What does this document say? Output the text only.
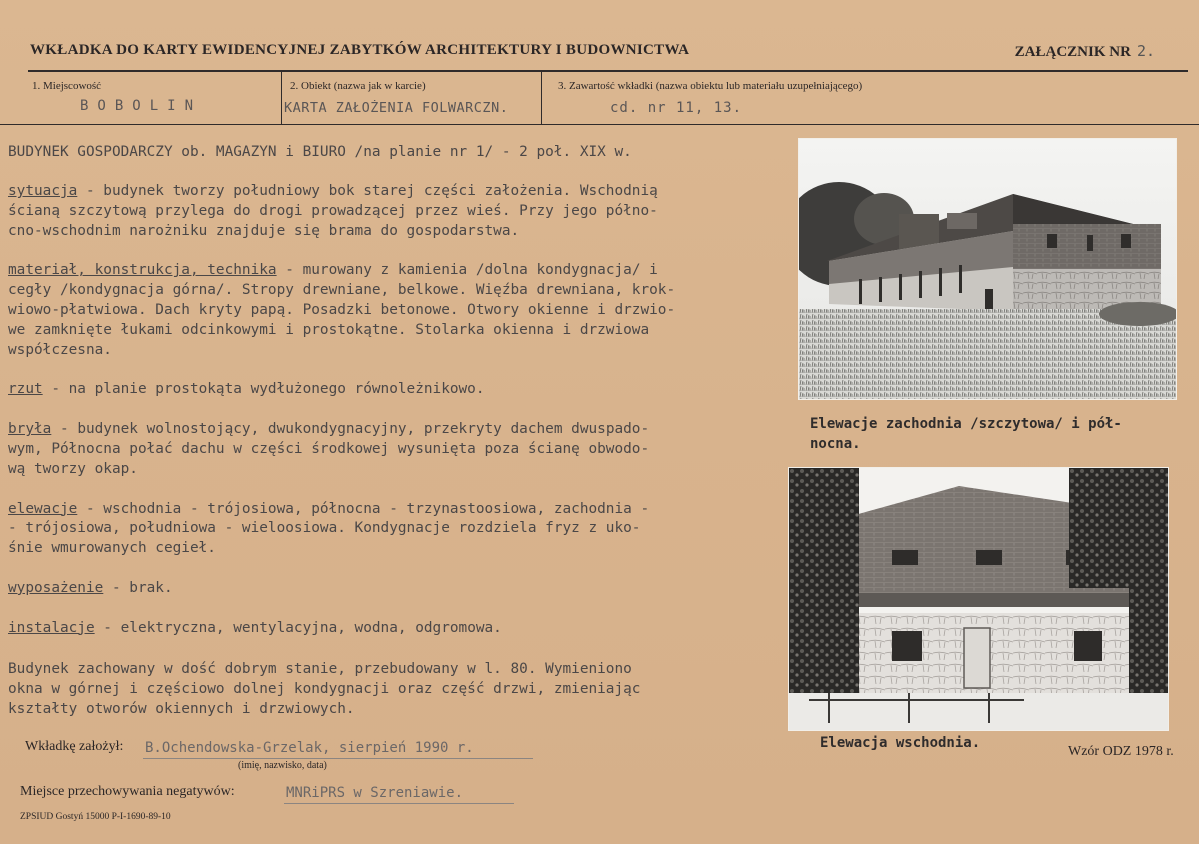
WKŁADKA DO KARTY EWIDENCYJNEJ ZABYTKÓW ARCHITEKTURY I BUDOWNICTWA	ZAŁĄCZNIK NR 2.
1. Miejscowość
BOBOLIN
2. Obiekt (nazwa jak w karcie)
KARTA ZAŁOŻENIA FOLWARCZN.
3. Zawartość wkładki (nazwa obiektu lub materiału uzupełniającego)
cd. nr 11, 13.
BUDYNEK GOSPODARCZY ob. MAGAZYN i BIURO /na planie nr 1/ - 2 poł. XIX w.
sytuacja - budynek tworzy południowy bok starej części założenia. Wschodnią
ścianą szczytową przylega do drogi prowadzącej przez wieś. Przy jego półno-
cno-wschodnim narożniku znajduje się brama do gospodarstwa.
materiał, konstrukcja, technika - murowany z kamienia /dolna kondygnacja/ i
cegły /kondygnacja górna/. Stropy drewniane, belkowe. Więźba drewniana, krok-
wiowo-płatwiowa. Dach kryty papą. Posadzki betonowe. Otwory okienne i drzwio-
we zamknięte łukami odcinkowymi i prostokątne. Stolarka okienna i drzwiowa
współczesna.
rzut - na planie prostokąta wydłużonego równoleżnikowo.
bryła - budynek wolnostojący, dwukondygnacyjny, przekryty dachem dwuspado-
wym, Północna połać dachu w części środkowej wysunięta poza ścianę obwodo-
wą tworzy okap.
elewacje - wschodnia - trójosiowa, północna - trzynastoosiowa, zachodnia -
- trójosiowa, południowa - wieloosiowa. Kondygnacje rozdziela fryz z uko-
śnie wmurowanych cegieł.
wyposażenie - brak.
instalacje - elektryczna, wentylacyjna, wodna, odgromowa.
Budynek zachowany w dość dobrym stanie, przebudowany w l. 80. Wymieniono
okna w górnej i częściowo dolnej kondygnacji oraz część drzwi, zmieniając
kształty otworów okiennych i drzwiowych.
Elewacje zachodnia /szczytowa/ i pół-
nocna.
Elewacja wschodnia.
Wzór ODZ 1978 r.
Wkładkę założył: B.Ochendowska-Grzelak, sierpień 1990 r.
(imię, nazwisko, data)
Miejsce przechowywania negatywów:	MNRiPRS w Szreniawie.
ZPSIUD Gostyń 15000 P-I-1690-89-10
